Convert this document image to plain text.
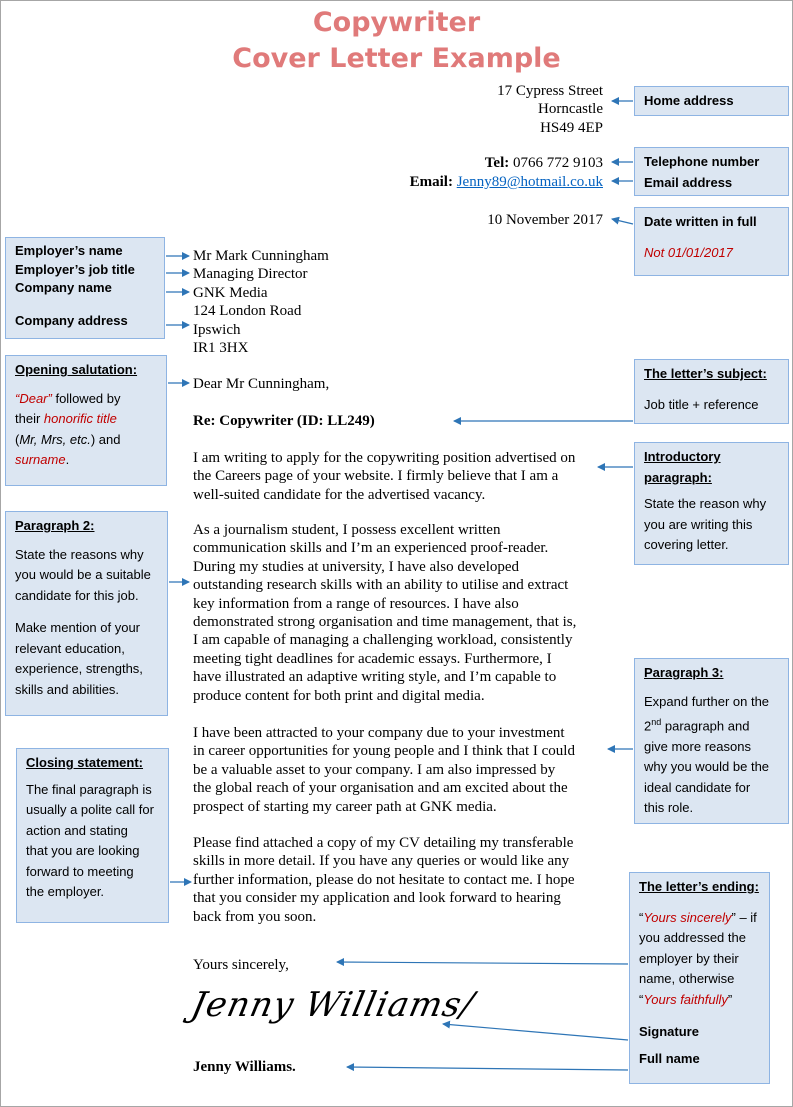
Copywriter
Cover Letter Example
17 Cypress Street
Horncastle
HS49 4EP
Tel: 0766 772 9103
Email: Jenny89@hotmail.co.uk
10 November 2017
Mr Mark Cunningham
Managing Director
GNK Media
124 London Road
Ipswich
IR1 3HX
Dear Mr Cunningham,
Re: Copywriter (ID: LL249)
I am writing to apply for the copywriting position advertised on
the Careers page of your website. I firmly believe that I am a
well-suited candidate for the advertised vacancy.
As a journalism student, I possess excellent written
communication skills and I’m an experienced proof-reader.
During my studies at university, I have also developed
outstanding research skills with an ability to utilise and extract
key information from a range of resources. I have also
demonstrated strong organisation and time management, that is,
I am capable of managing a challenging workload, consistently
meeting tight deadlines for academic essays. Furthermore, I
have illustrated an adaptive writing style, and I’m capable to
produce content for both print and digital media.
I have been attracted to your company due to your investment
in career opportunities for young people and I think that I could
be a valuable asset to your company. I am also impressed by
the global reach of your organisation and am excited about the
prospect of starting my career path at GNK media.
Please find attached a copy of my CV detailing my transferable
skills in more detail. If you have any queries or would like any
further information, please do not hesitate to contact me. I hope
that you consider my application and look forward to hearing
back from you soon.
Yours sincerely,
Jenny Williams/
Jenny Williams.
Home address
Telephone number
Email address
Date written in full
Not 01/01/2017
Employer’s name
Employer’s job title
Company name
Company address
Opening salutation:
“Dear” followed by
their honorific title
(Mr, Mrs, etc.) and
surname.
The letter’s subject:
Job title + reference
Introductory
paragraph:
State the reason why
you are writing this
covering letter.
Paragraph 2:
State the reasons why
you would be a suitable
candidate for this job.
Make mention of your
relevant education,
experience, strengths,
skills and abilities.
Paragraph 3:
Expand further on the
2nd paragraph and
give more reasons
why you would be the
ideal candidate for
this role.
Closing statement:
The final paragraph is
usually a polite call for
action and stating
that you are looking
forward to meeting
the employer.	The letter’s ending:
“Yours sincerely” – if
you addressed the
employer by their
name, otherwise
“Yours faithfully”
Signature
Full name
